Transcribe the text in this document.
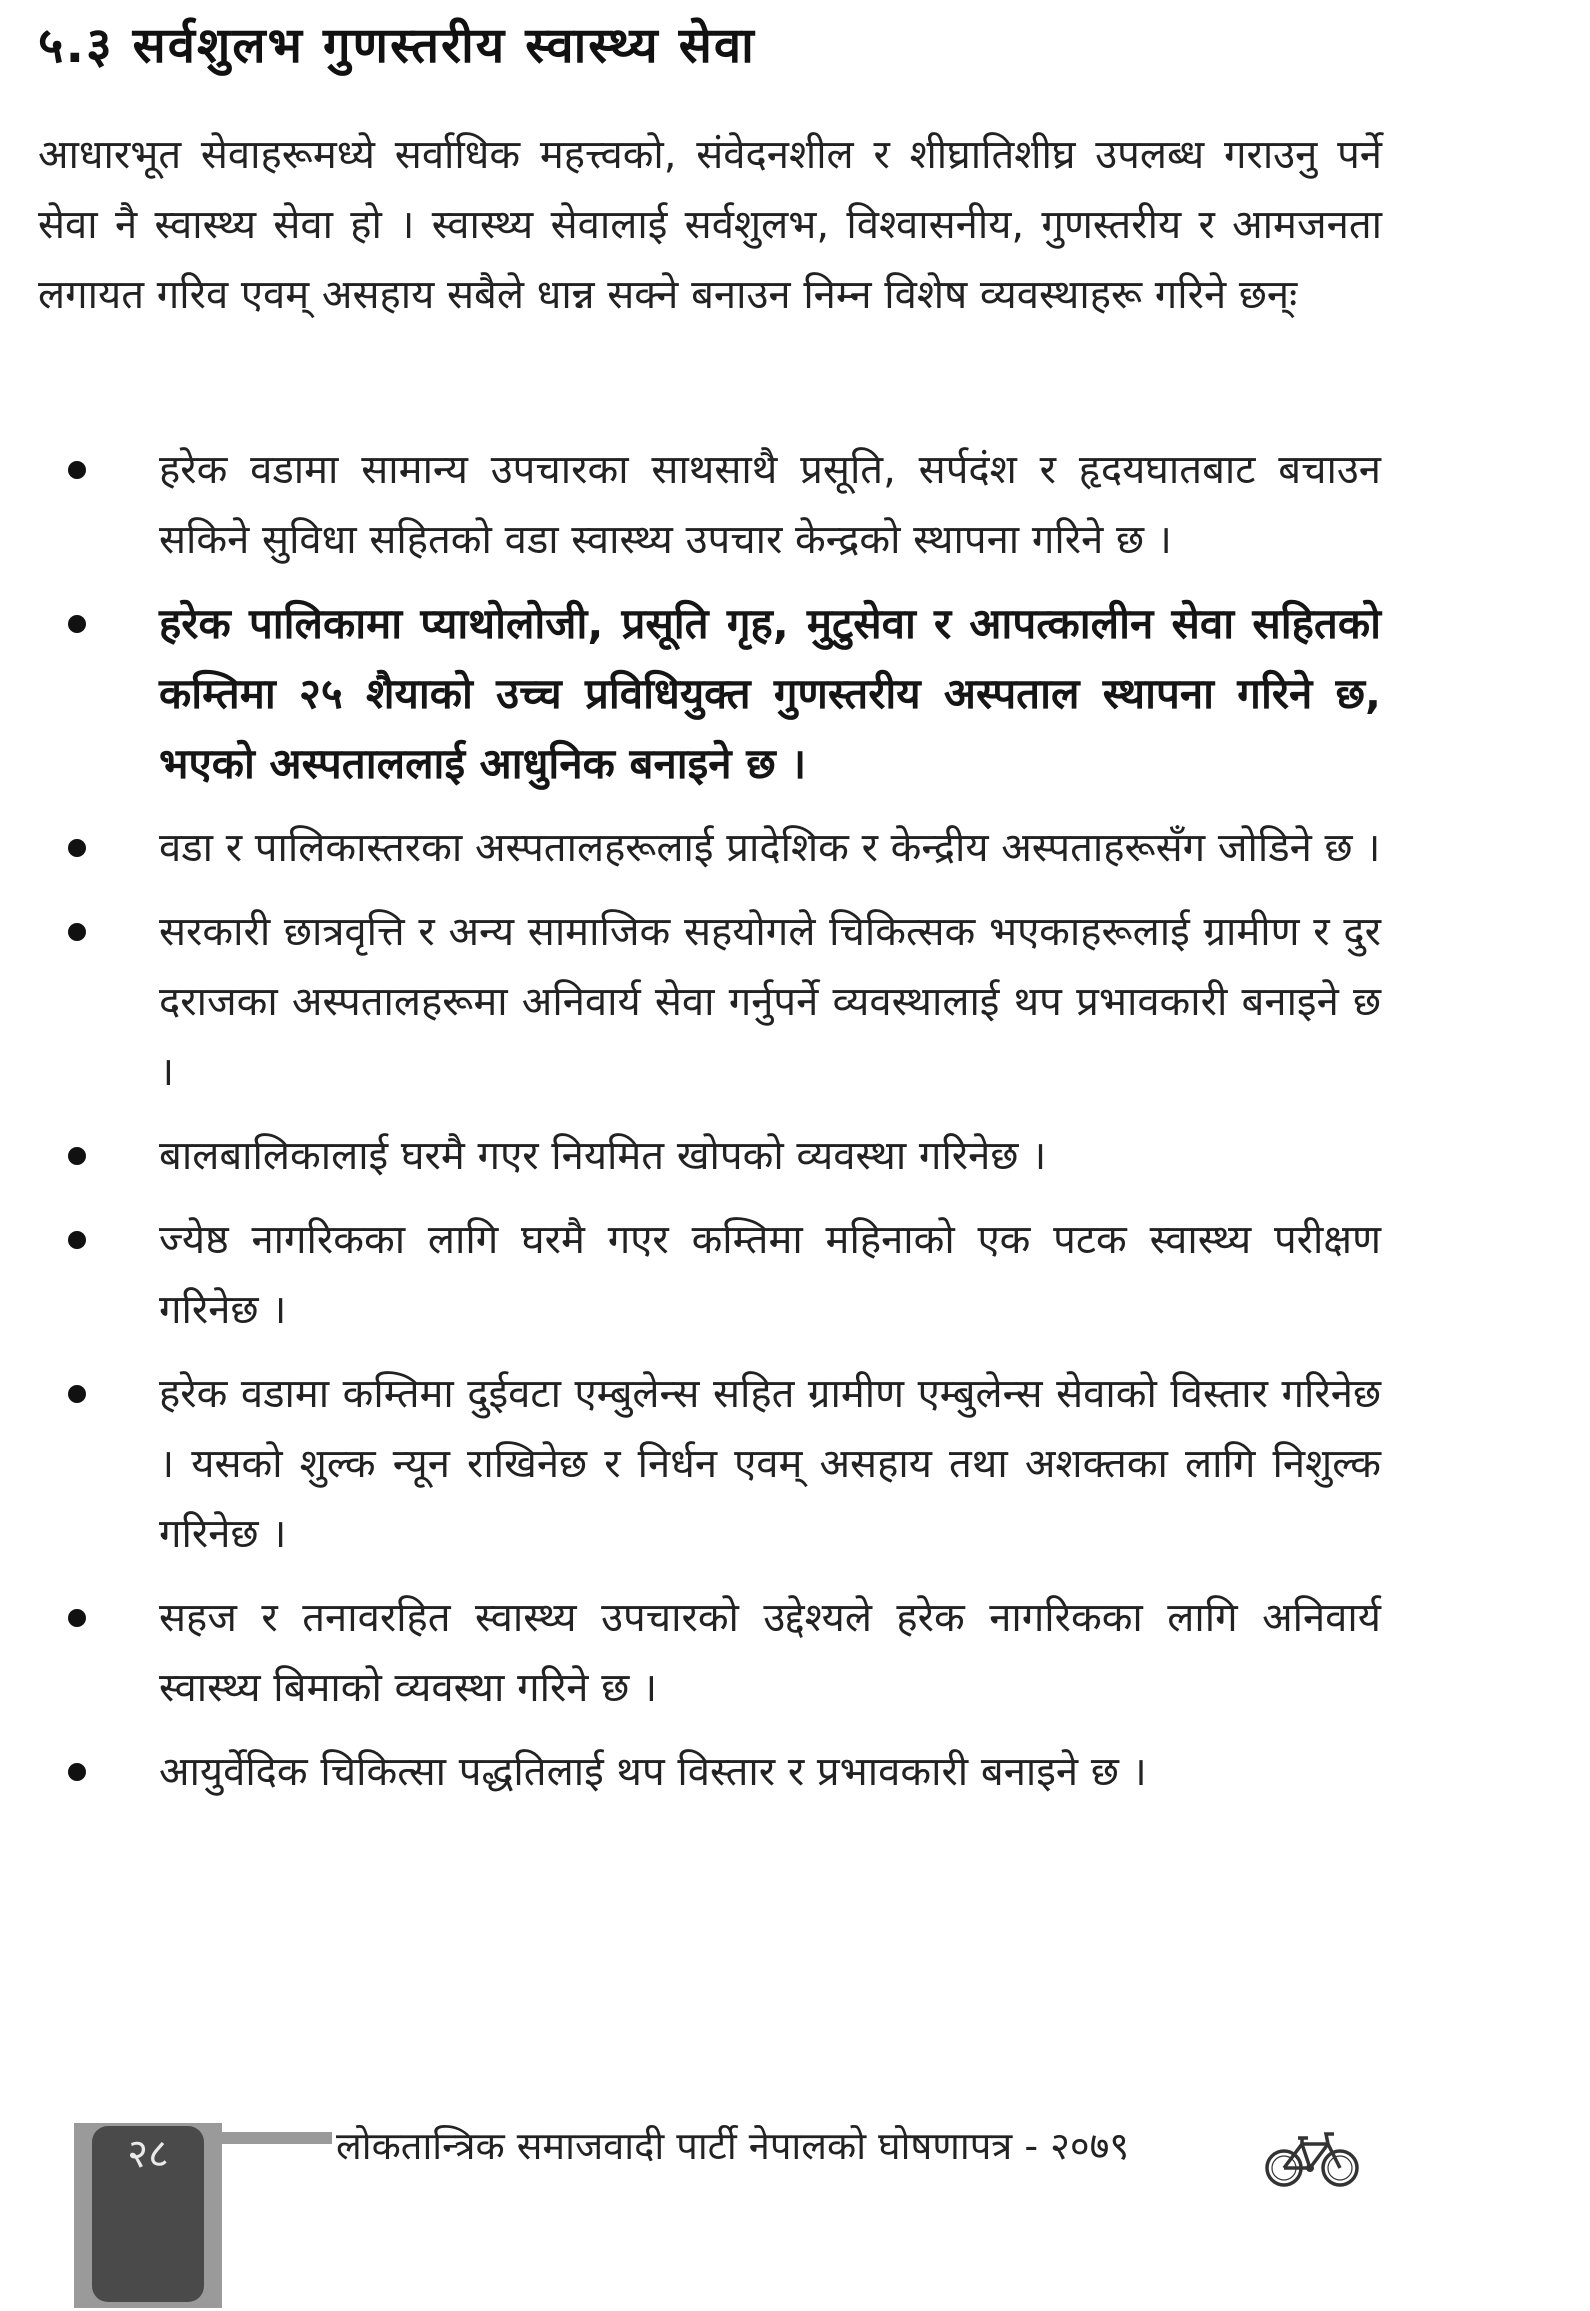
५.३ सर्वशुलभ गुणस्तरीय स्वास्थ्य सेवा

आधारभूत सेवाहरूमध्ये सर्वाधिक महत्त्वको, संवेदनशील र शीघ्रातिशीघ्र उपलब्ध गराउनु पर्ने सेवा नै स्वास्थ्य सेवा हो । स्वास्थ्य सेवालाई सर्वशुलभ, विश्वासनीय, गुणस्तरीय र आमजनता लगायत गरिव एवम् असहाय सबैले धान्न सक्ने बनाउन निम्न विशेष व्यवस्थाहरू गरिने छन्ः

हरेक वडामा सामान्य उपचारका साथसाथै प्रसूति, सर्पदंश र हृदयघातबाट बचाउन सकिने सुविधा सहितको वडा स्वास्थ्य उपचार केन्द्रको स्थापना गरिने छ ।
हरेक पालिकामा प्याथोलोजी, प्रसूति गृह, मुटुसेवा र आपत्कालीन सेवा सहितको कम्तिमा २५ शैयाको उच्च प्रविधियुक्त गुणस्तरीय अस्पताल स्थापना गरिने छ, भएको अस्पताललाई आधुनिक बनाइने छ ।
वडा र पालिकास्तरका अस्पतालहरूलाई प्रादेशिक र केन्द्रीय अस्पताहरूसँग जोडिने छ ।
सरकारी छात्रवृत्ति र अन्य सामाजिक सहयोगले चिकित्सक भएकाहरूलाई ग्रामीण र दुर दराजका अस्पतालहरूमा अनिवार्य सेवा गर्नुपर्ने व्यवस्थालाई थप प्रभावकारी बनाइने छ ।
बालबालिकालाई घरमै गएर नियमित खोपको व्यवस्था गरिनेछ ।
ज्येष्ठ नागरिकका लागि घरमै गएर कम्तिमा महिनाको एक पटक स्वास्थ्य परीक्षण गरिनेछ ।
हरेक वडामा कम्तिमा दुईवटा एम्बुलेन्स सहित ग्रामीण एम्बुलेन्स सेवाको विस्तार गरिनेछ । यसको शुल्क न्यून राखिनेछ र निर्धन एवम् असहाय तथा अशक्तका लागि निशुल्क गरिनेछ ।
सहज र तनावरहित स्वास्थ्य उपचारको उद्देश्यले हरेक नागरिकका लागि अनिवार्य स्वास्थ्य बिमाको व्यवस्था गरिने छ ।
आयुर्वेदिक चिकित्सा पद्धतिलाई थप विस्तार र प्रभावकारी बनाइने छ ।
२८	लोकतान्त्रिक समाजवादी पार्टी नेपालको घोषणापत्र - २०७९
